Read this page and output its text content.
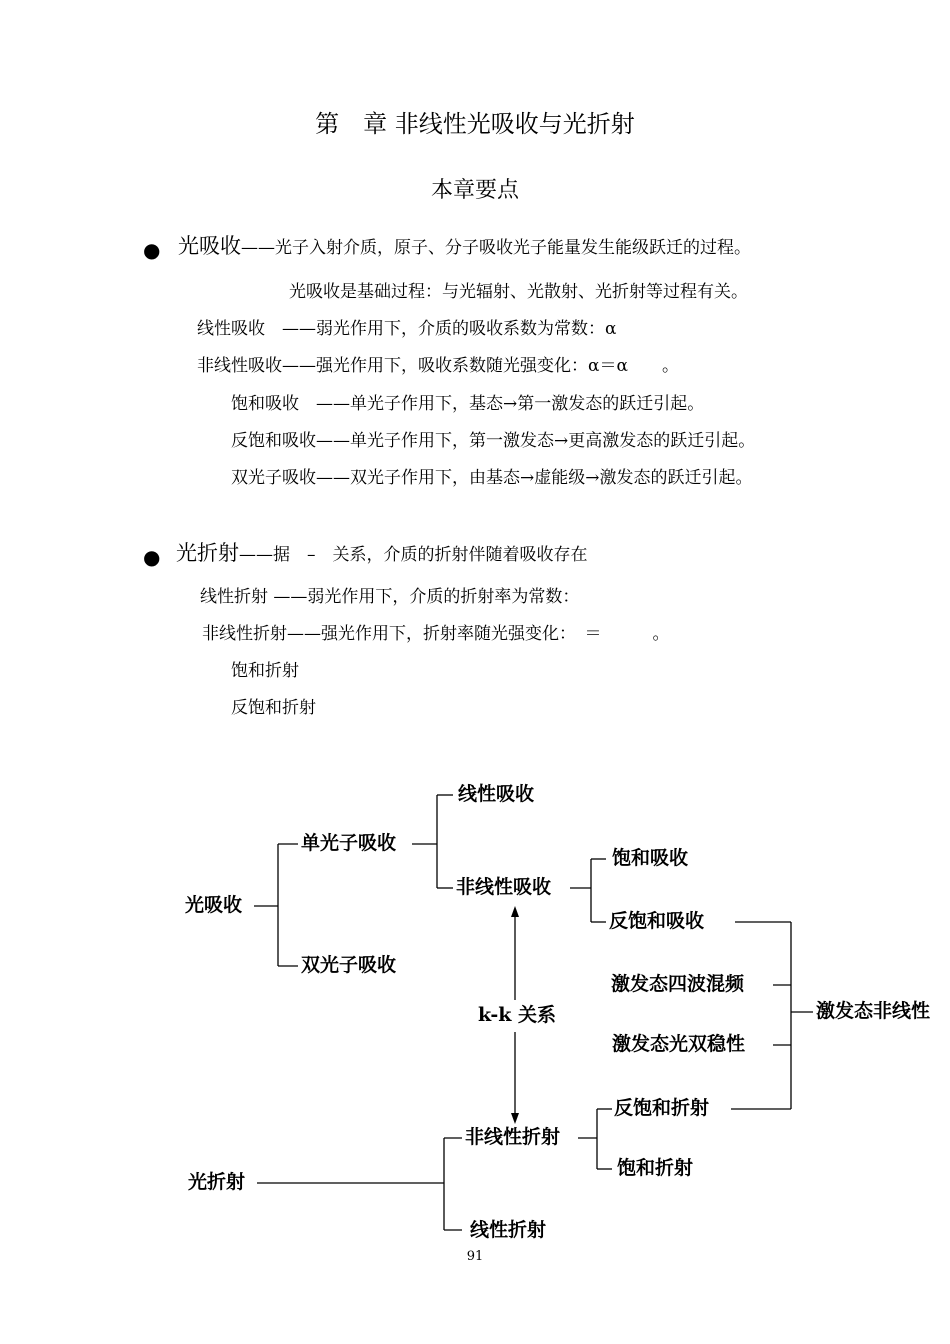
第　章 非线性光吸收与光折射
本章要点
● 光吸收——光子入射介质，原子、分子吸收光子能量发生能级跃迁的过程。
光吸收是基础过程：与光辐射、光散射、光折射等过程有关。
线性吸收　——弱光作用下，介质的吸收系数为常数：α
非线性吸收——强光作用下，吸收系数随光强变化：α＝α　　。
饱和吸收　——单光子作用下，基态→第一激发态的跃迁引起。
反饱和吸收——单光子作用下，第一激发态→更高激发态的跃迁引起。
双光子吸收——双光子作用下，由基态→虚能级→激发态的跃迁引起。
● 光折射——据　–　关系，介质的折射伴随着吸收存在
线性折射 ——弱光作用下，介质的折射率为常数：
非线性折射——强光作用下，折射率随光强变化：　＝　　　。
饱和折射
反饱和折射
光吸收
单光子吸收
双光子吸收
线性吸收
非线性吸收
饱和吸收
反饱和吸收
激发态四波混频
激发态光双稳性
激发态非线性
k-k 关系
反饱和折射
非线性折射
饱和折射
光折射
线性折射
91
